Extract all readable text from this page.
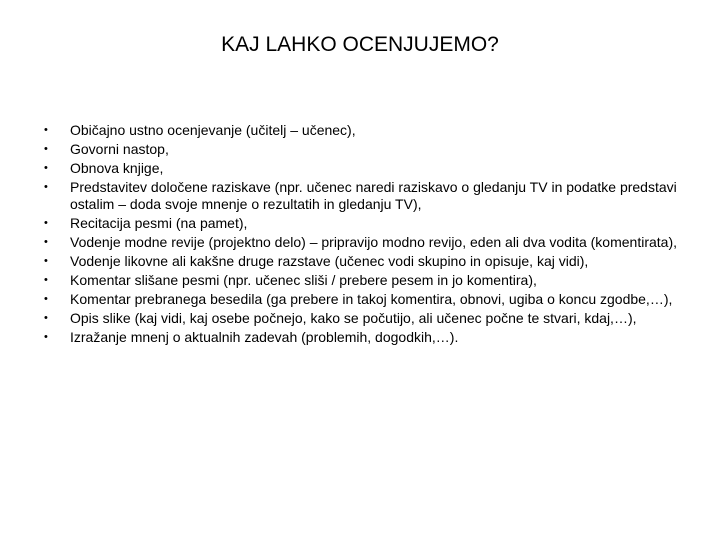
KAJ LAHKO OCENJUJEMO?
•	Običajno ustno ocenjevanje (učitelj – učenec),
•	Govorni nastop,
•	Obnova knjige,
•	Predstavitev določene raziskave (npr. učenec naredi raziskavo o gledanju TV in podatke predstavi ostalim – doda svoje mnenje o rezultatih in gledanju TV),
•	Recitacija pesmi (na pamet),
•	Vodenje modne revije (projektno delo) – pripravijo modno revijo, eden ali dva vodita (komentirata),
•	Vodenje likovne ali kakšne druge razstave (učenec vodi skupino in opisuje, kaj vidi),
•	Komentar slišane pesmi (npr. učenec sliši / prebere pesem in jo komentira),
•	Komentar prebranega besedila (ga prebere in takoj komentira, obnovi, ugiba o koncu zgodbe,…),
•	Opis slike (kaj vidi, kaj osebe počnejo, kako se počutijo, ali učenec počne te stvari, kdaj,…),
•	Izražanje mnenj o aktualnih zadevah (problemih, dogodkih,…).
